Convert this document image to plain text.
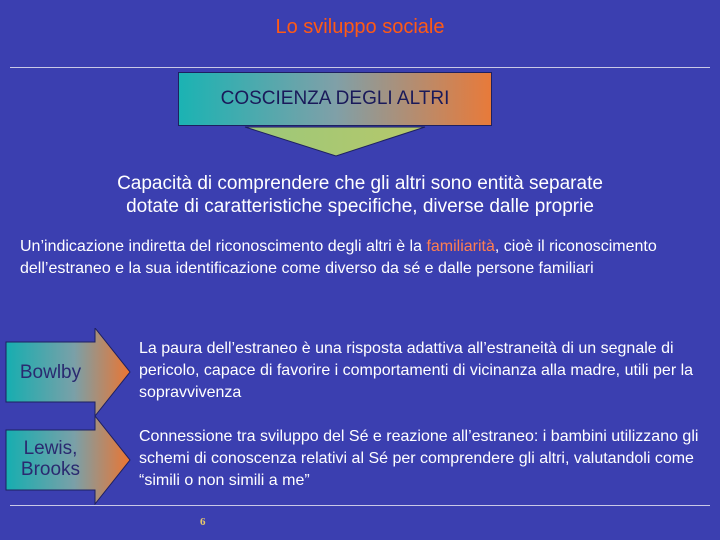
Lo sviluppo sociale
COSCIENZA DEGLI ALTRI
Capacità di comprendere che gli altri sono entità separate
dotate di caratteristiche specifiche, diverse dalle proprie
Un’indicazione indiretta del riconoscimento degli altri è la familiarità, cioè il riconoscimento dell’estraneo e la sua identificazione come diverso da sé e dalle persone familiari
Bowlby
La paura dell’estraneo è una risposta adattiva all’estraneità di un segnale di pericolo, capace di favorire i comportamenti di vicinanza alla madre, utili per la sopravvivenza
Lewis,
Brooks
Connessione tra sviluppo del Sé e reazione all’estraneo: i bambini utilizzano gli schemi di conoscenza relativi al Sé per comprendere gli altri, valutandoli come “simili o non simili a me”
6
